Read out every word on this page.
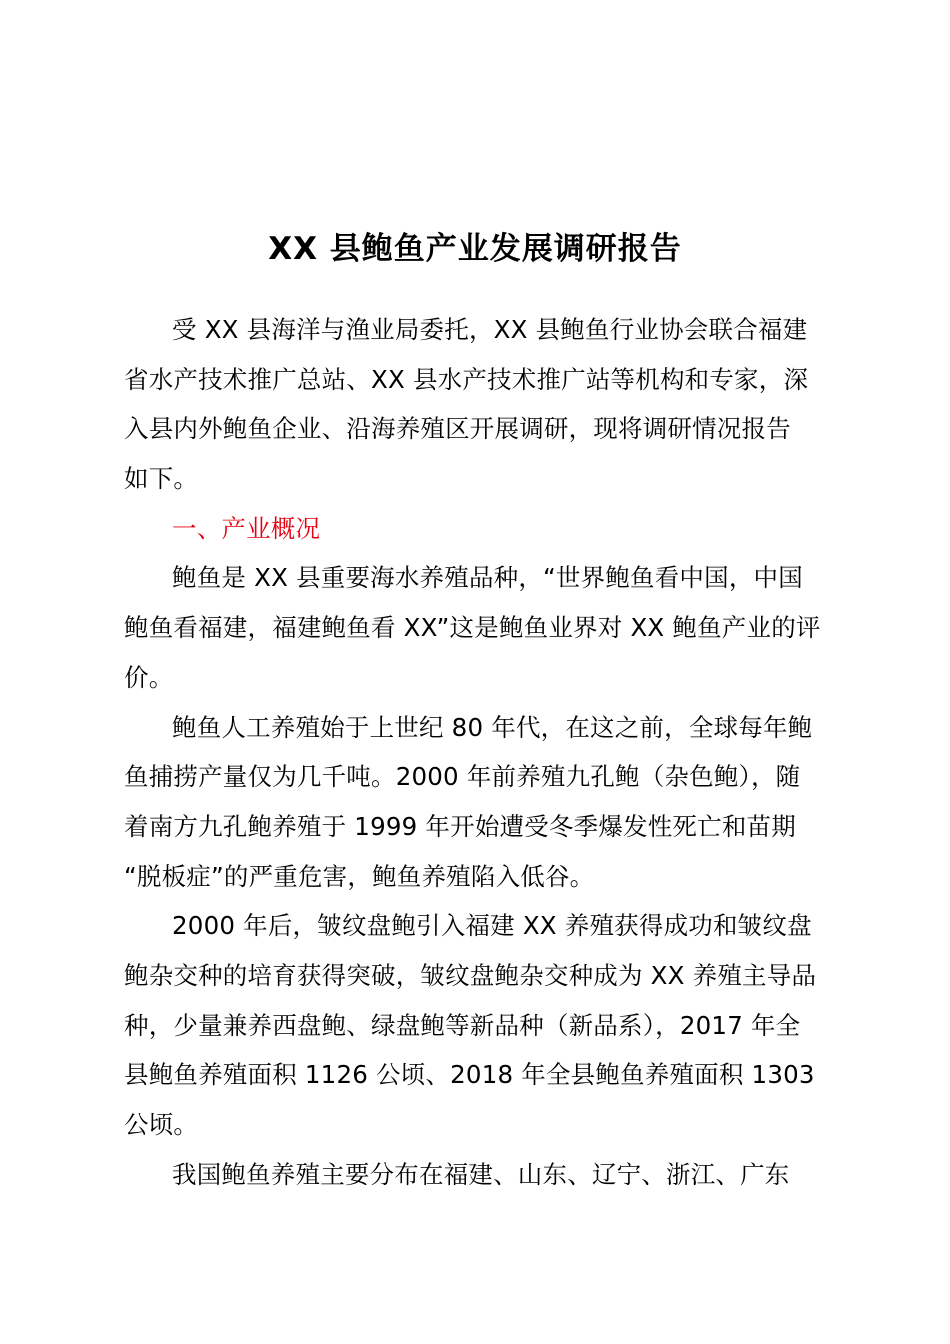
XX 县鲍鱼产业发展调研报告
受 XX 县海洋与渔业局委托，XX 县鲍鱼行业协会联合福建
省水产技术推广总站、XX 县水产技术推广站等机构和专家，深
入县内外鲍鱼企业、沿海养殖区开展调研，现将调研情况报告
如下。
一、产业概况
鲍鱼是 XX 县重要海水养殖品种，“世界鲍鱼看中国，中国
鲍鱼看福建，福建鲍鱼看 XX”这是鲍鱼业界对 XX 鲍鱼产业的评
价。
鲍鱼人工养殖始于上世纪 80 年代，在这之前，全球每年鲍
鱼捕捞产量仅为几千吨。2000 年前养殖九孔鲍（杂色鲍），随
着南方九孔鲍养殖于 1999 年开始遭受冬季爆发性死亡和苗期
“脱板症”的严重危害，鲍鱼养殖陷入低谷。
2000 年后，皱纹盘鲍引入福建 XX 养殖获得成功和皱纹盘
鲍杂交种的培育获得突破，皱纹盘鲍杂交种成为 XX 养殖主导品
种，少量兼养西盘鲍、绿盘鲍等新品种（新品系），2017 年全
县鲍鱼养殖面积 1126 公顷、2018 年全县鲍鱼养殖面积 1303
公顷。
我国鲍鱼养殖主要分布在福建、山东、辽宁、浙江、广东
